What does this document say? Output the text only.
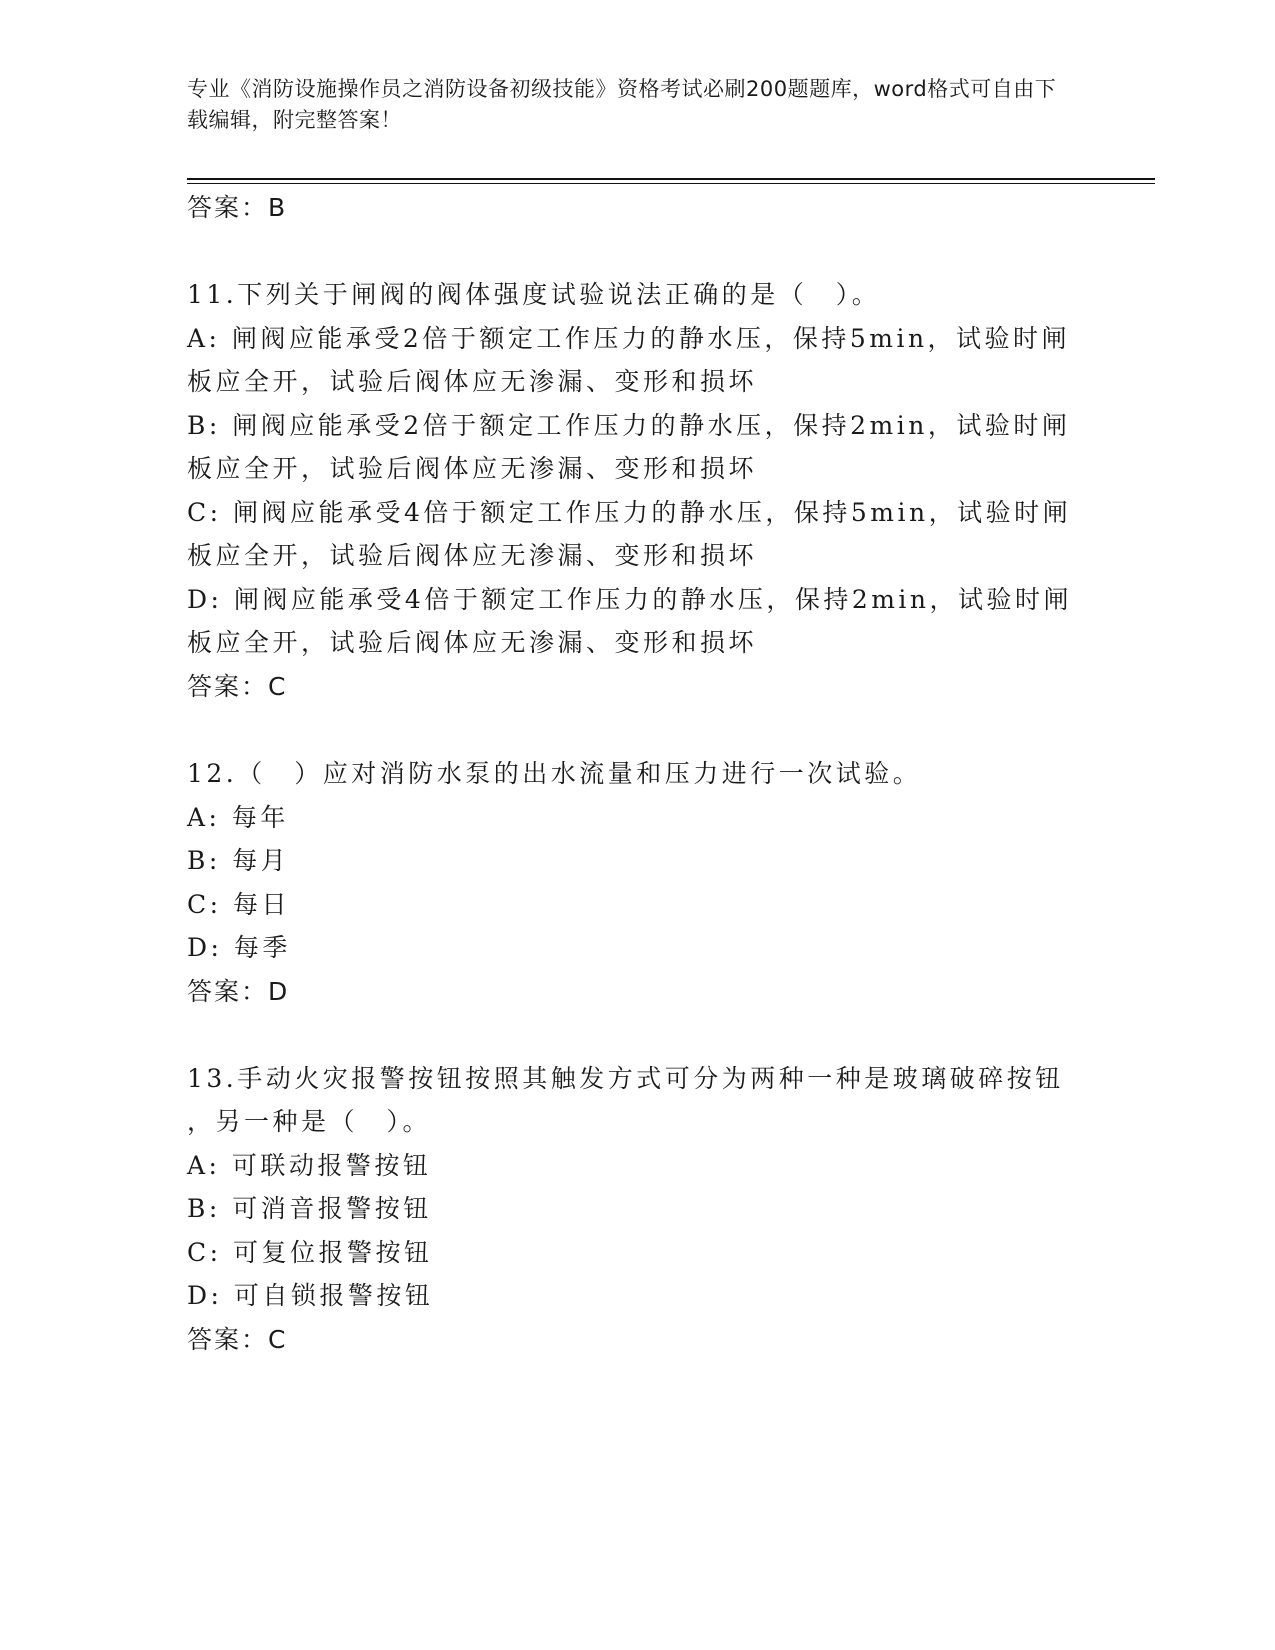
专业《消防设施操作员之消防设备初级技能》资格考试必刷200题题库，word格式可自由下载编辑，附完整答案！
答案：B
11.下列关于闸阀的阀体强度试验说法正确的是（　）。
A: 闸阀应能承受2倍于额定工作压力的静水压，保持5min，试验时闸
板应全开，试验后阀体应无渗漏、变形和损坏
B: 闸阀应能承受2倍于额定工作压力的静水压，保持2min，试验时闸
板应全开，试验后阀体应无渗漏、变形和损坏
C: 闸阀应能承受4倍于额定工作压力的静水压，保持5min，试验时闸
板应全开，试验后阀体应无渗漏、变形和损坏
D: 闸阀应能承受4倍于额定工作压力的静水压，保持2min，试验时闸
板应全开，试验后阀体应无渗漏、变形和损坏
答案：C
12.（　）应对消防水泵的出水流量和压力进行一次试验。
A: 每年
B: 每月
C: 每日
D: 每季
答案：D
13.手动火灾报警按钮按照其触发方式可分为两种一种是玻璃破碎按钮
，另一种是（　）。
A: 可联动报警按钮
B: 可消音报警按钮
C: 可复位报警按钮
D: 可自锁报警按钮
答案：C
